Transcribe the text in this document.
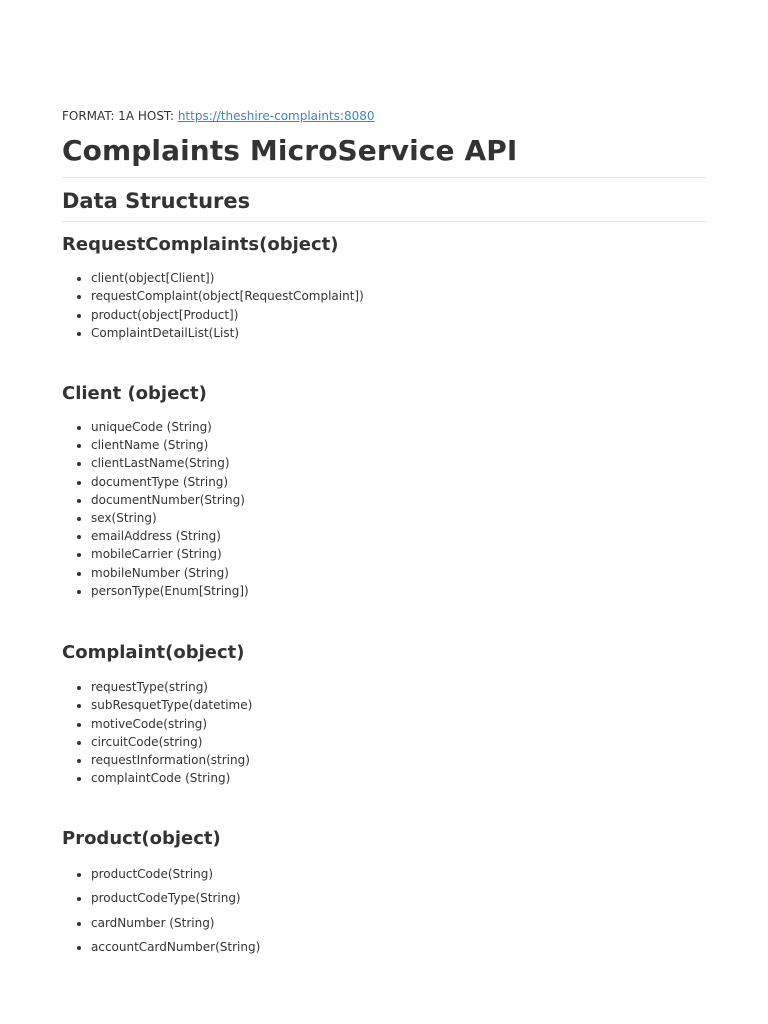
FORMAT: 1A HOST: https://theshire-complaints:8080
Complaints MicroService API
Data Structures
RequestComplaints(object)
• client(object[Client])
• requestComplaint(object[RequestComplaint])
• product(object[Product])
• ComplaintDetailList(List)
Client (object)
• uniqueCode (String)
• clientName (String)
• clientLastName(String)
• documentType (String)
• documentNumber(String)
• sex(String)
• emailAddress (String)
• mobileCarrier (String)
• mobileNumber (String)
• personType(Enum[String])
Complaint(object)
• requestType(string)
• subResquetType(datetime)
• motiveCode(string)
• circuitCode(string)
• requestInformation(string)
• complaintCode (String)
Product(object)
• productCode(String)
• productCodeType(String)
• cardNumber (String)
• accountCardNumber(String)
